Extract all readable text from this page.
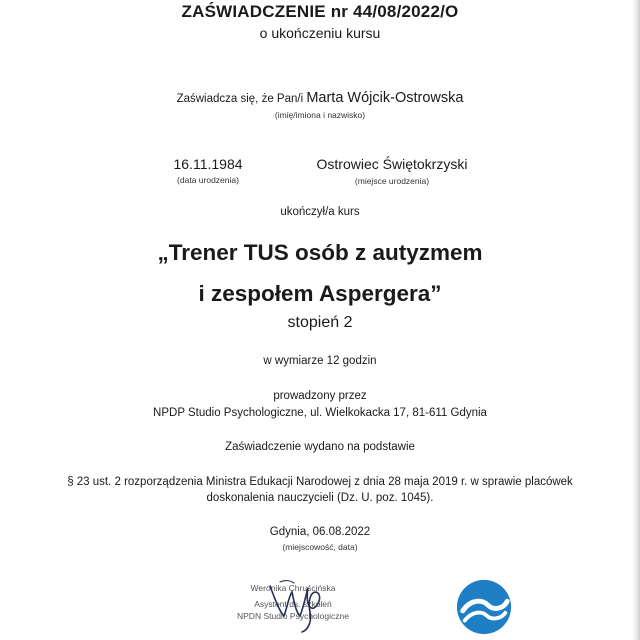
ZAŚWIADCZENIE nr 44/08/2022/O
o ukończeniu kursu
Zaświadcza się, że Pan/i Marta Wójcik-Ostrowska
(imię/imiona i nazwisko)
16.11.1984
(data urodzenia)
Ostrowiec Świętokrzyski
(miejsce urodzenia)
ukończył/a kurs
„Trener TUS osób z autyzmem
i zespołem Aspergera”
stopień 2
w wymiarze 12 godzin
prowadzony przez
NPDP Studio Psychologiczne, ul. Wielkokacka 17, 81-611 Gdynia
Zaświadczenie wydano na podstawie
§ 23 ust. 2 rozporządzenia Ministra Edukacji Narodowej z dnia 28 maja 2019 r. w sprawie placówek
doskonalenia nauczycieli (Dz. U. poz. 1045).
Gdynia, 06.08.2022
(miejscowość, data)
Weronika Chruścińska
Asystent ds. szkoleń
NPDN Studio Psychologiczne
